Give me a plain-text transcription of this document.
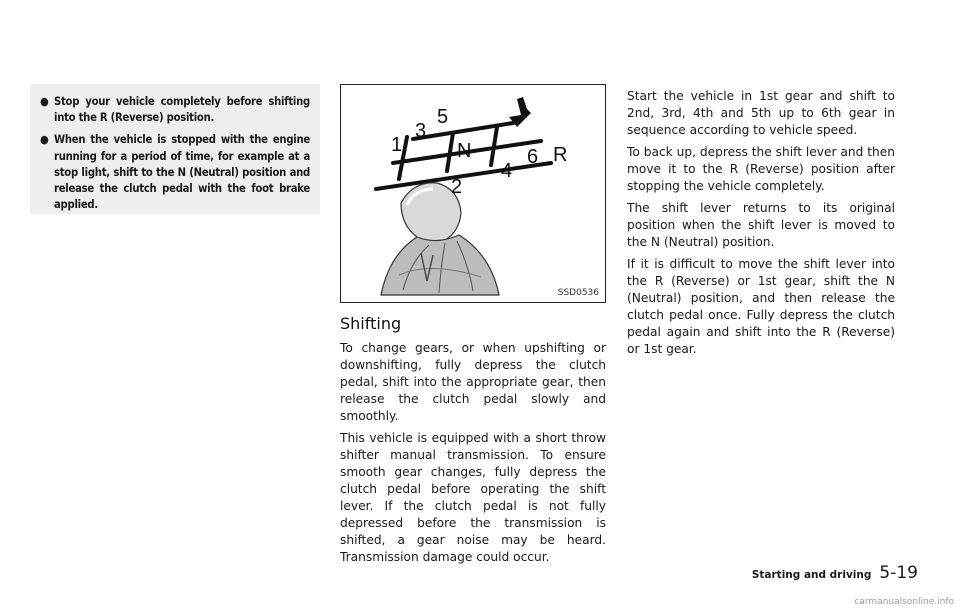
● Stop your vehicle completely before shifting into the R (Reverse) position.
● When the vehicle is stopped with the engine running for a period of time, for example at a stop light, shift to the N (Neutral) position and release the clutch pedal with the foot brake applied.
1
2
3
4
5
6
N	R
SSD0536
Shifting

To change gears, or when upshifting or downshifting, fully depress the clutch pedal, shift into the appropriate gear, then release the clutch pedal slowly and smoothly.

This vehicle is equipped with a short throw shifter manual transmission. To ensure smooth gear changes, fully depress the clutch pedal before operating the shift lever. If the clutch pedal is not fully depressed before the transmission is shifted, a gear noise may be heard. Transmission damage could occur.

Start the vehicle in 1st gear and shift to 2nd, 3rd, 4th and 5th up to 6th gear in sequence according to vehicle speed.

To back up, depress the shift lever and then move it to the R (Reverse) position after stopping the vehicle completely.

The shift lever returns to its original position when the shift lever is moved to the N (Neutral) position.

If it is difficult to move the shift lever into the R (Reverse) or 1st gear, shift the N (Neutral) position, and then release the clutch pedal once. Fully depress the clutch pedal again and shift into the R (Reverse) or 1st gear.

Starting and driving 5-19
carmanualsonline.info
